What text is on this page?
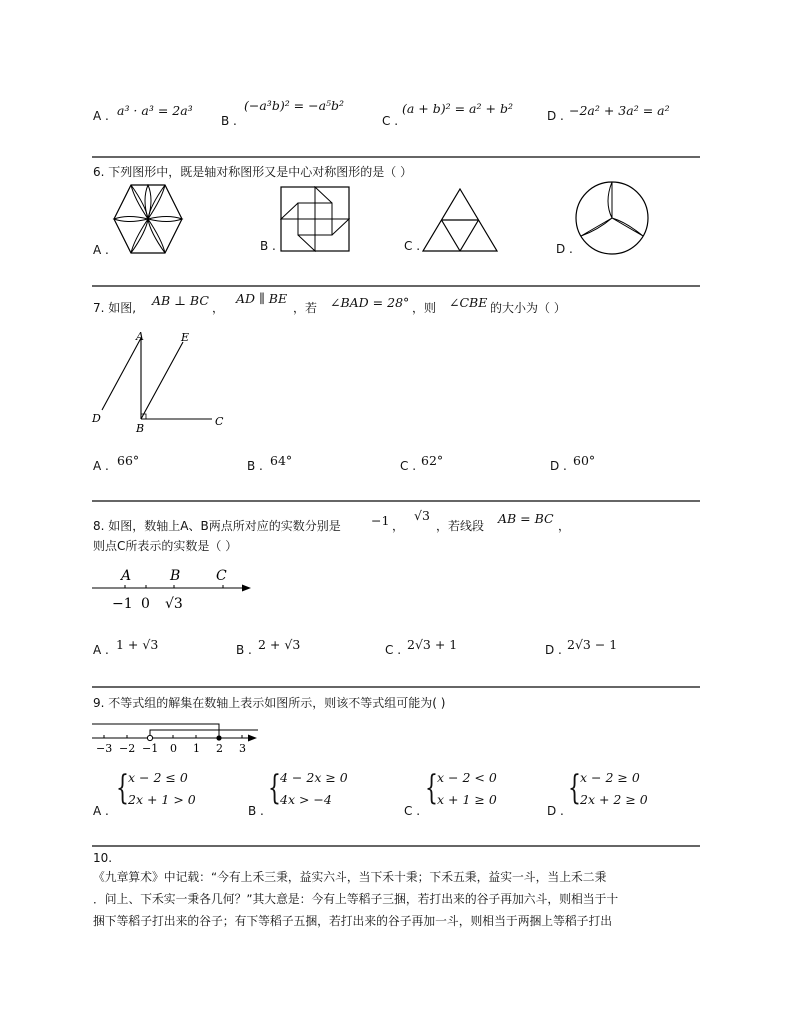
A . a³ · a³ = 2a³
B .
(−a³b)² = −a⁵b²
C .
(a + b)² = a² + b²	D . −2a² + 3a² = a²
6. 下列图形中，既是轴对称图形又是中心对称图形的是（ ）
A .	B .	C .	D .
7. 如图, AB ⊥ BC ，
AD ∥ BE
，若 ∠BAD = 28° ，则 ∠CBE 的大小为（ ）
A	E
D
B
C
A . 66°	B . 64°	C . 62°	D . 60°
8. 如图，数轴上A、B两点所对应的实数分别是 −1 ，
√3
，若线段 AB = BC ，
则点C所表示的实数是（ ）
A	B	C
−1 0 √3
A . 1 + √3	B . 2 + √3	C . 2√3 + 1	D . 2√3 − 1
9. 不等式组的解集在数轴上表示如图所示，则该不等式组可能为( )
−3 −2 −1 0 1 2 3
A .
{ x − 2 ≤ 0
2x + 1 > 0
B .
{ 4 − 2x ≥ 0
4x > −4
C .
{ x − 2 < 0
x + 1 ≥ 0
D .
{ x − 2 ≥ 0
2x + 2 ≥ 0
10.
《九章算术》中记载：“今有上禾三秉，益实六斗，当下禾十秉；下禾五秉，益实一斗，当上禾二秉
．问上、下禾实一秉各几何？”其大意是：今有上等稻子三捆，若打出来的谷子再加六斗，则相当于十
捆下等稻子打出来的谷子；有下等稻子五捆，若打出来的谷子再加一斗，则相当于两捆上等稻子打出
